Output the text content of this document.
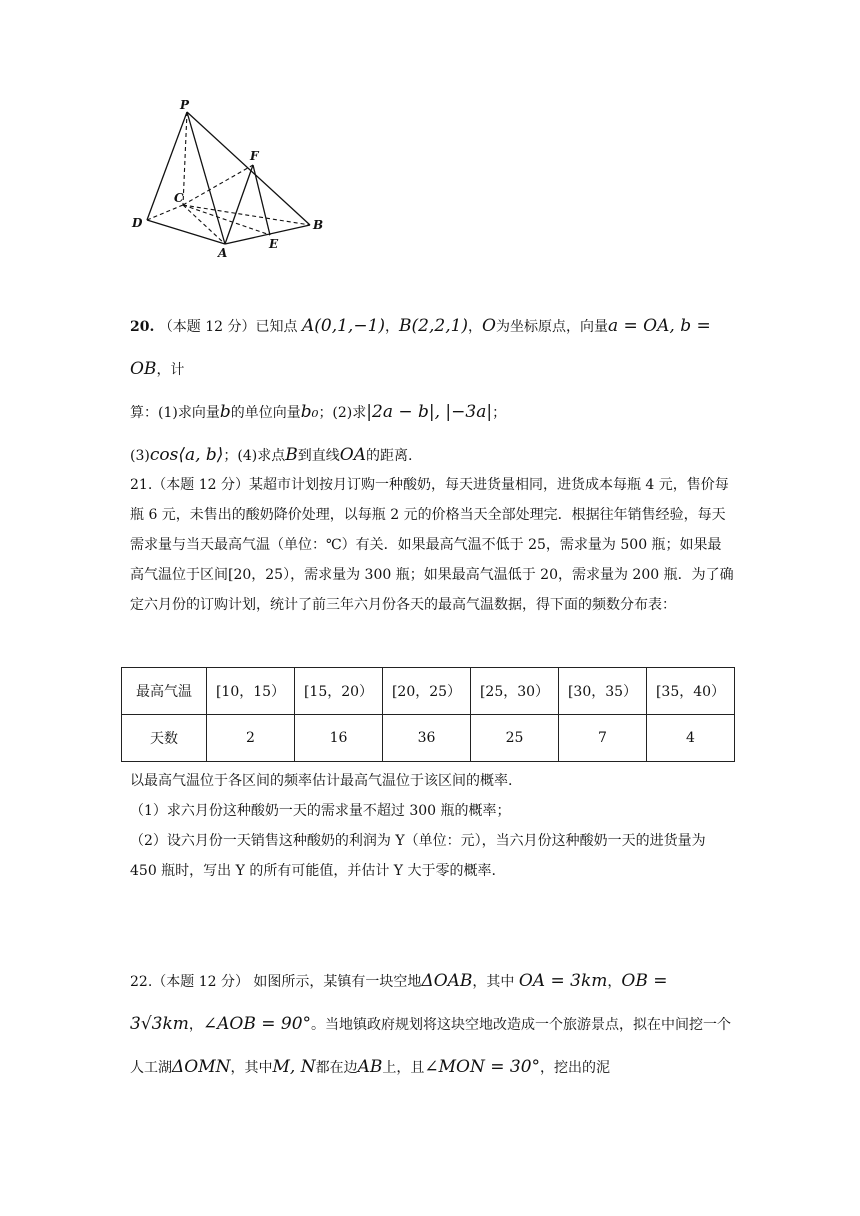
P
F
C
D
A
E
B
20. （本题 12 分）已知点 A(0,1,−1)，B(2,2,1)，O为坐标原点，向量a = OA, b = OB，计
算：(1)求向量b的单位向量b₀；(2)求|2a − b|, |−3a|；
(3)cos⟨a, b⟩；(4)求点B到直线OA的距离.
21.（本题 12 分）某超市计划按月订购一种酸奶，每天进货量相同，进货成本每瓶 4 元，售价每瓶 6 元，未售出的酸奶降价处理，以每瓶 2 元的价格当天全部处理完．根据往年销售经验，每天需求量与当天最高气温（单位：℃）有关．如果最高气温不低于 25，需求量为 500 瓶；如果最高气温位于区间[20，25），需求量为 300 瓶；如果最高气温低于 20，需求量为 200 瓶．为了确定六月份的订购计划，统计了前三年六月份各天的最高气温数据，得下面的频数分布表：
最高气温	[10，15）	[15，20）	[20，25）	[25，30）	[30，35）	[35，40）
天数	2	16	36	25	7	4
以最高气温位于各区间的频率估计最高气温位于该区间的概率.
（1）求六月份这种酸奶一天的需求量不超过 300 瓶的概率；
（2）设六月份一天销售这种酸奶的利润为 Y（单位：元），当六月份这种酸奶一天的进货量为 450 瓶时，写出 Y 的所有可能值，并估计 Y 大于零的概率.
22.（本题 12 分） 如图所示，某镇有一块空地ΔOAB，其中 OA = 3km，OB = 3√3km，∠AOB = 90°。当地镇政府规划将这块空地改造成一个旅游景点，拟在中间挖一个人工湖ΔOMN，其中M, N都在边AB上，且∠MON = 30°，挖出的泥
